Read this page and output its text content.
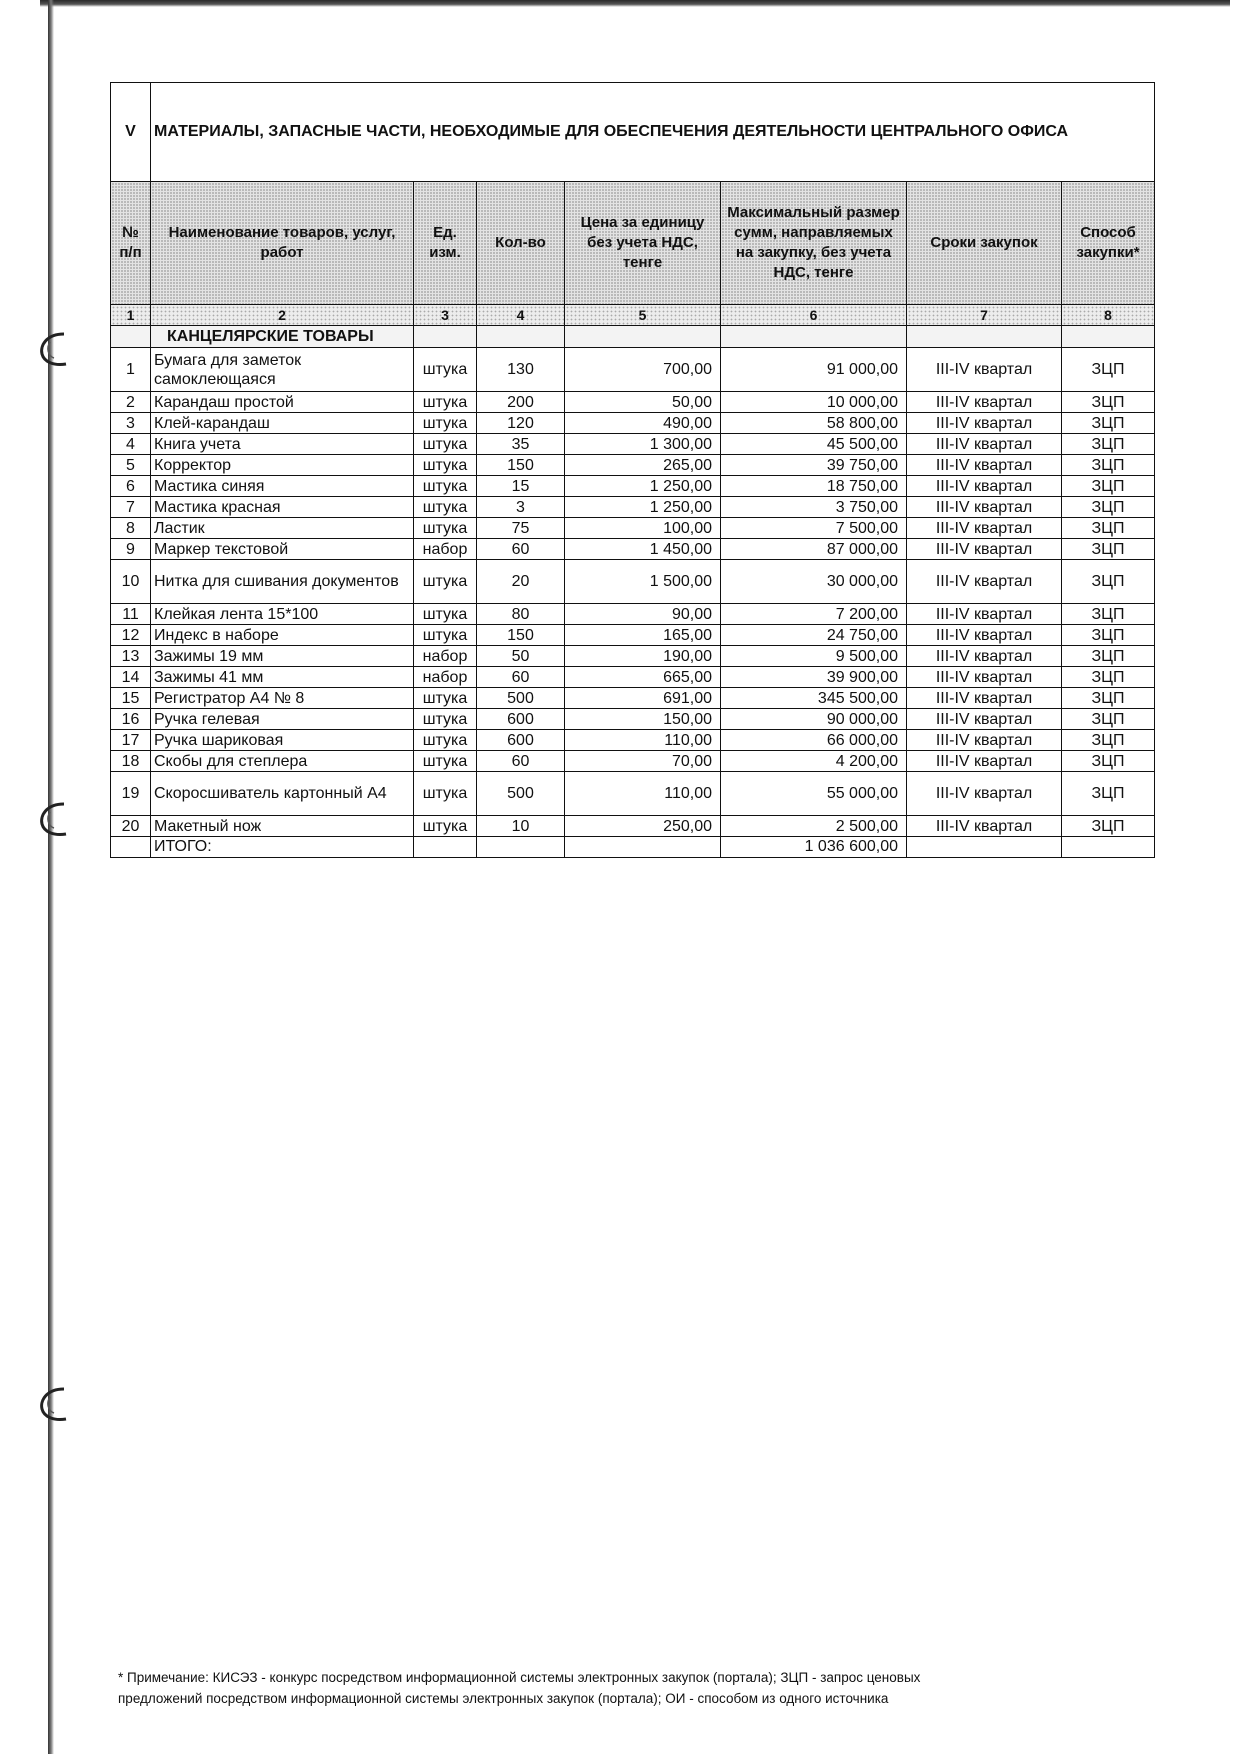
V	МАТЕРИАЛЫ, ЗАПАСНЫЕ ЧАСТИ, НЕОБХОДИМЫЕ ДЛЯ ОБЕСПЕЧЕНИЯ ДЕЯТЕЛЬНОСТИ ЦЕНТРАЛЬНОГО ОФИСА						
№ п/п	Наименование товаров, услуг, работ	Ед. изм.	Кол-во	Цена за единицу без учета НДС, тенге	Максимальный размер сумм, направляемых на закупку, без учета НДС, тенге	Сроки закупок	Способ закупки*
1	2	3	4	5	6	7	8
	КАНЦЕЛЯРСКИЕ ТОВАРЫ						
1	Бумага для заметок самоклеющаяся	штука	130	700,00	91 000,00	III-IV квартал	ЗЦП
2	Карандаш простой	штука	200	50,00	10 000,00	III-IV квартал	ЗЦП
3	Клей-карандаш	штука	120	490,00	58 800,00	III-IV квартал	ЗЦП
4	Книга учета	штука	35	1 300,00	45 500,00	III-IV квартал	ЗЦП
5	Корректор	штука	150	265,00	39 750,00	III-IV квартал	ЗЦП
6	Мастика синяя	штука	15	1 250,00	18 750,00	III-IV квартал	ЗЦП
7	Мастика красная	штука	3	1 250,00	3 750,00	III-IV квартал	ЗЦП
8	Ластик	штука	75	100,00	7 500,00	III-IV квартал	ЗЦП
9	Маркер текстовой	набор	60	1 450,00	87 000,00	III-IV квартал	ЗЦП
10	Нитка для сшивания документов	штука	20	1 500,00	30 000,00	III-IV квартал	ЗЦП
11	Клейкая лента 15*100	штука	80	90,00	7 200,00	III-IV квартал	ЗЦП
12	Индекс в наборе	штука	150	165,00	24 750,00	III-IV квартал	ЗЦП
13	Зажимы 19 мм	набор	50	190,00	9 500,00	III-IV квартал	ЗЦП
14	Зажимы 41 мм	набор	60	665,00	39 900,00	III-IV квартал	ЗЦП
15	Регистратор А4 № 8	штука	500	691,00	345 500,00	III-IV квартал	ЗЦП
16	Ручка гелевая	штука	600	150,00	90 000,00	III-IV квартал	ЗЦП
17	Ручка шариковая	штука	600	110,00	66 000,00	III-IV квартал	ЗЦП
18	Скобы для степлера	штука	60	70,00	4 200,00	III-IV квартал	ЗЦП
19	Скоросшиватель картонный А4	штука	500	110,00	55 000,00	III-IV квартал	ЗЦП
20	Макетный нож	штука	10	250,00	2 500,00	III-IV квартал	ЗЦП
	ИТОГО:				1 036 600,00		
* Примечание: КИСЭЗ - конкурс посредством информационной системы электронных закупок (портала); ЗЦП - запрос ценовых
предложений посредством информационной системы электронных закупок (портала); ОИ - способом из одного источника
